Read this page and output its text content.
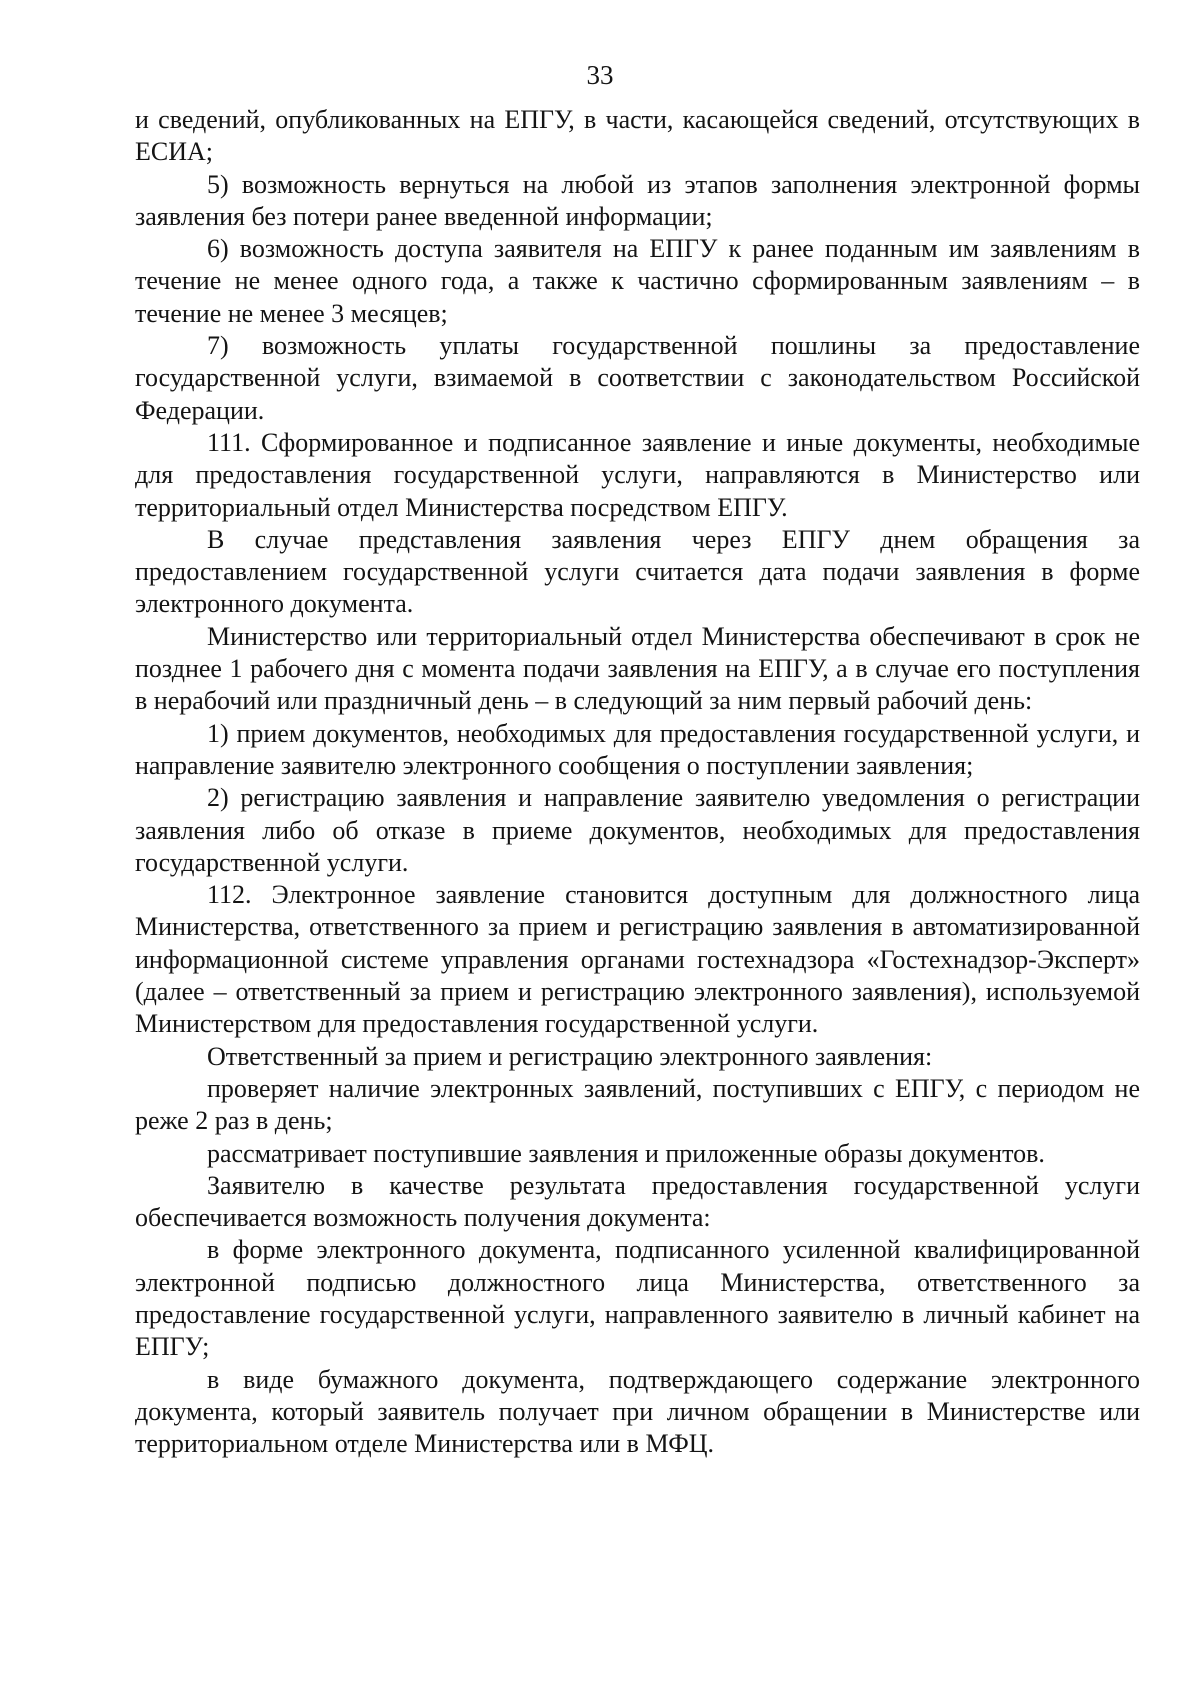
33

и сведений, опубликованных на ЕПГУ, в части, касающейся сведений, отсутствующих в ЕСИА;

5) возможность вернуться на любой из этапов заполнения электронной формы заявления без потери ранее введенной информации;

6) возможность доступа заявителя на ЕПГУ к ранее поданным им заявлениям в течение не менее одного года, а также к частично сформированным заявлениям – в течение не менее 3 месяцев;

7) возможность уплаты государственной пошлины за предоставление государственной услуги, взимаемой в соответствии с законодательством Российской Федерации.

111. Сформированное и подписанное заявление и иные документы, необходимые для предоставления государственной услуги, направляются в Министерство или территориальный отдел Министерства посредством ЕПГУ.

В случае представления заявления через ЕПГУ днем обращения за предоставлением государственной услуги считается дата подачи заявления в форме электронного документа.

Министерство или территориальный отдел Министерства обеспечивают в срок не позднее 1 рабочего дня с момента подачи заявления на ЕПГУ, а в случае его поступления в нерабочий или праздничный день – в следующий за ним первый рабочий день:

1) прием документов, необходимых для предоставления государственной услуги, и направление заявителю электронного сообщения о поступлении заявления;

2) регистрацию заявления и направление заявителю уведомления о регистрации заявления либо об отказе в приеме документов, необходимых для предоставления государственной услуги.

112. Электронное заявление становится доступным для должностного лица Министерства, ответственного за прием и регистрацию заявления в автоматизированной информационной системе управления органами гостехнадзора «Гостехнадзор-Эксперт» (далее – ответственный за прием и регистрацию электронного заявления), используемой Министерством для предоставления государственной услуги.

Ответственный за прием и регистрацию электронного заявления:

проверяет наличие электронных заявлений, поступивших с ЕПГУ, с периодом не реже 2 раз в день;

рассматривает поступившие заявления и приложенные образы документов.

Заявителю в качестве результата предоставления государственной услуги обеспечивается возможность получения документа:

в форме электронного документа, подписанного усиленной квалифицированной электронной подписью должностного лица Министерства, ответственного за предоставление государственной услуги, направленного заявителю в личный кабинет на ЕПГУ;

в виде бумажного документа, подтверждающего содержание электронного документа, который заявитель получает при личном обращении в Министерстве или территориальном отделе Министерства или в МФЦ.
